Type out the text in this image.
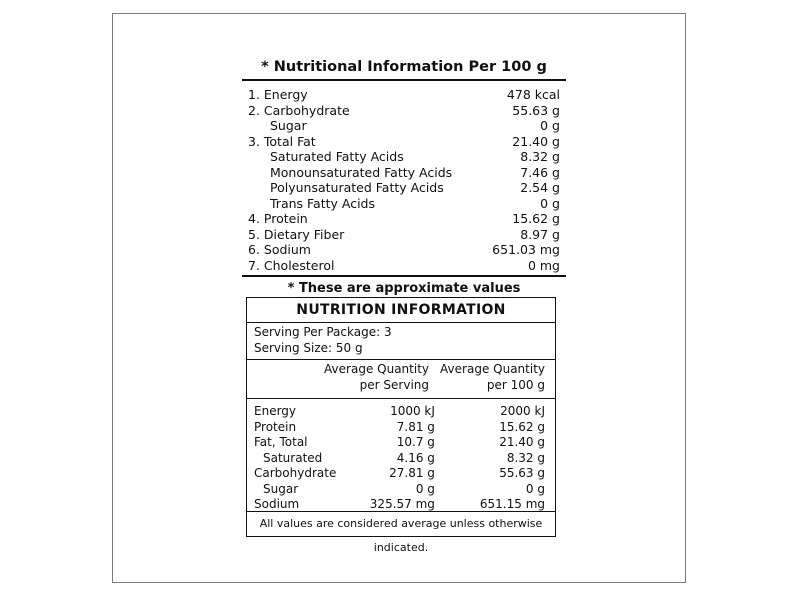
* Nutritional Information Per 100 g
1. Energy	478 kcal
2. Carbohydrate	55.63 g
Sugar	0 g
3. Total Fat	21.40 g
Saturated Fatty Acids	8.32 g
Monounsaturated Fatty Acids	7.46 g
Polyunsaturated Fatty Acids	2.54 g
Trans Fatty Acids	0 g
4. Protein	15.62 g
5. Dietary Fiber	8.97 g
6. Sodium	651.03 mg
7. Cholesterol	0 mg
* These are approximate values
NUTRITION INFORMATION
Serving Per Package: 3
Serving Size: 50 g
Average Quantity
per Serving
Average Quantity
per 100 g
Energy	1000 kJ	2000 kJ
Protein	7.81 g	15.62 g
Fat, Total	10.7 g	21.40 g
Saturated	4.16 g	8.32 g
Carbohydrate	27.81 g	55.63 g
Sugar	0 g	0 g
Sodium	325.57 mg	651.15 mg
All values are considered average unless otherwise indicated.
